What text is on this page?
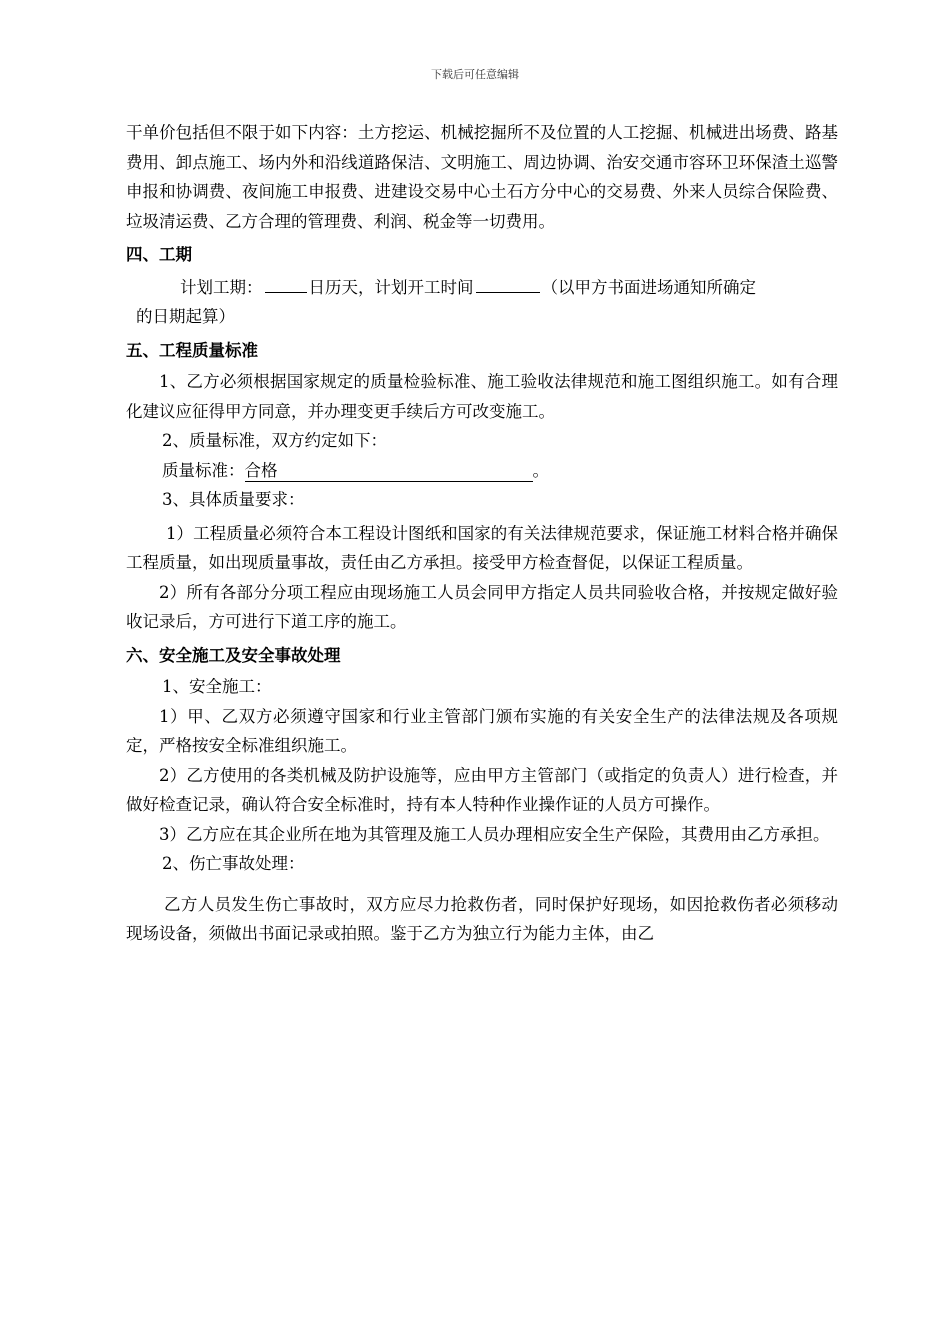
下载后可任意编辑

干单价包括但不限于如下内容：土方挖运、机械挖掘所不及位置的人工挖掘、机械进出场费、路基费用、卸点施工、场内外和沿线道路保洁、文明施工、周边协调、治安交通市容环卫环保渣土巡警申报和协调费、夜间施工申报费、进建设交易中心土石方分中心的交易费、外来人员综合保险费、垃圾清运费、乙方合理的管理费、利润、税金等一切费用。

四、工期

计划工期：	日历天，计划开工时间	（以甲方书面进场通知所确定

的日期起算）

五、工程质量标准

1、乙方必须根据国家规定的质量检验标准、施工验收法律规范和施工图组织施工。如有合理化建议应征得甲方同意，并办理变更手续后方可改变施工。

2、质量标准，双方约定如下：

质量标准：合格	。

3、具体质量要求：

1）工程质量必须符合本工程设计图纸和国家的有关法律规范要求，保证施工材料合格并确保工程质量，如出现质量事故，责任由乙方承担。接受甲方检查督促，以保证工程质量。

2）所有各部分分项工程应由现场施工人员会同甲方指定人员共同验收合格，并按规定做好验收记录后，方可进行下道工序的施工。

六、安全施工及安全事故处理

1、安全施工：

1）甲、乙双方必须遵守国家和行业主管部门颁布实施的有关安全生产的法律法规及各项规定，严格按安全标准组织施工。

2）乙方使用的各类机械及防护设施等，应由甲方主管部门（或指定的负责人）进行检查，并做好检查记录，确认符合安全标准时，持有本人特种作业操作证的人员方可操作。

3）乙方应在其企业所在地为其管理及施工人员办理相应安全生产保险，其费用由乙方承担。

2、伤亡事故处理：

乙方人员发生伤亡事故时，双方应尽力抢救伤者，同时保护好现场，如因抢救伤者必须移动现场设备，须做出书面记录或拍照。鉴于乙方为独立行为能力主体，由乙
